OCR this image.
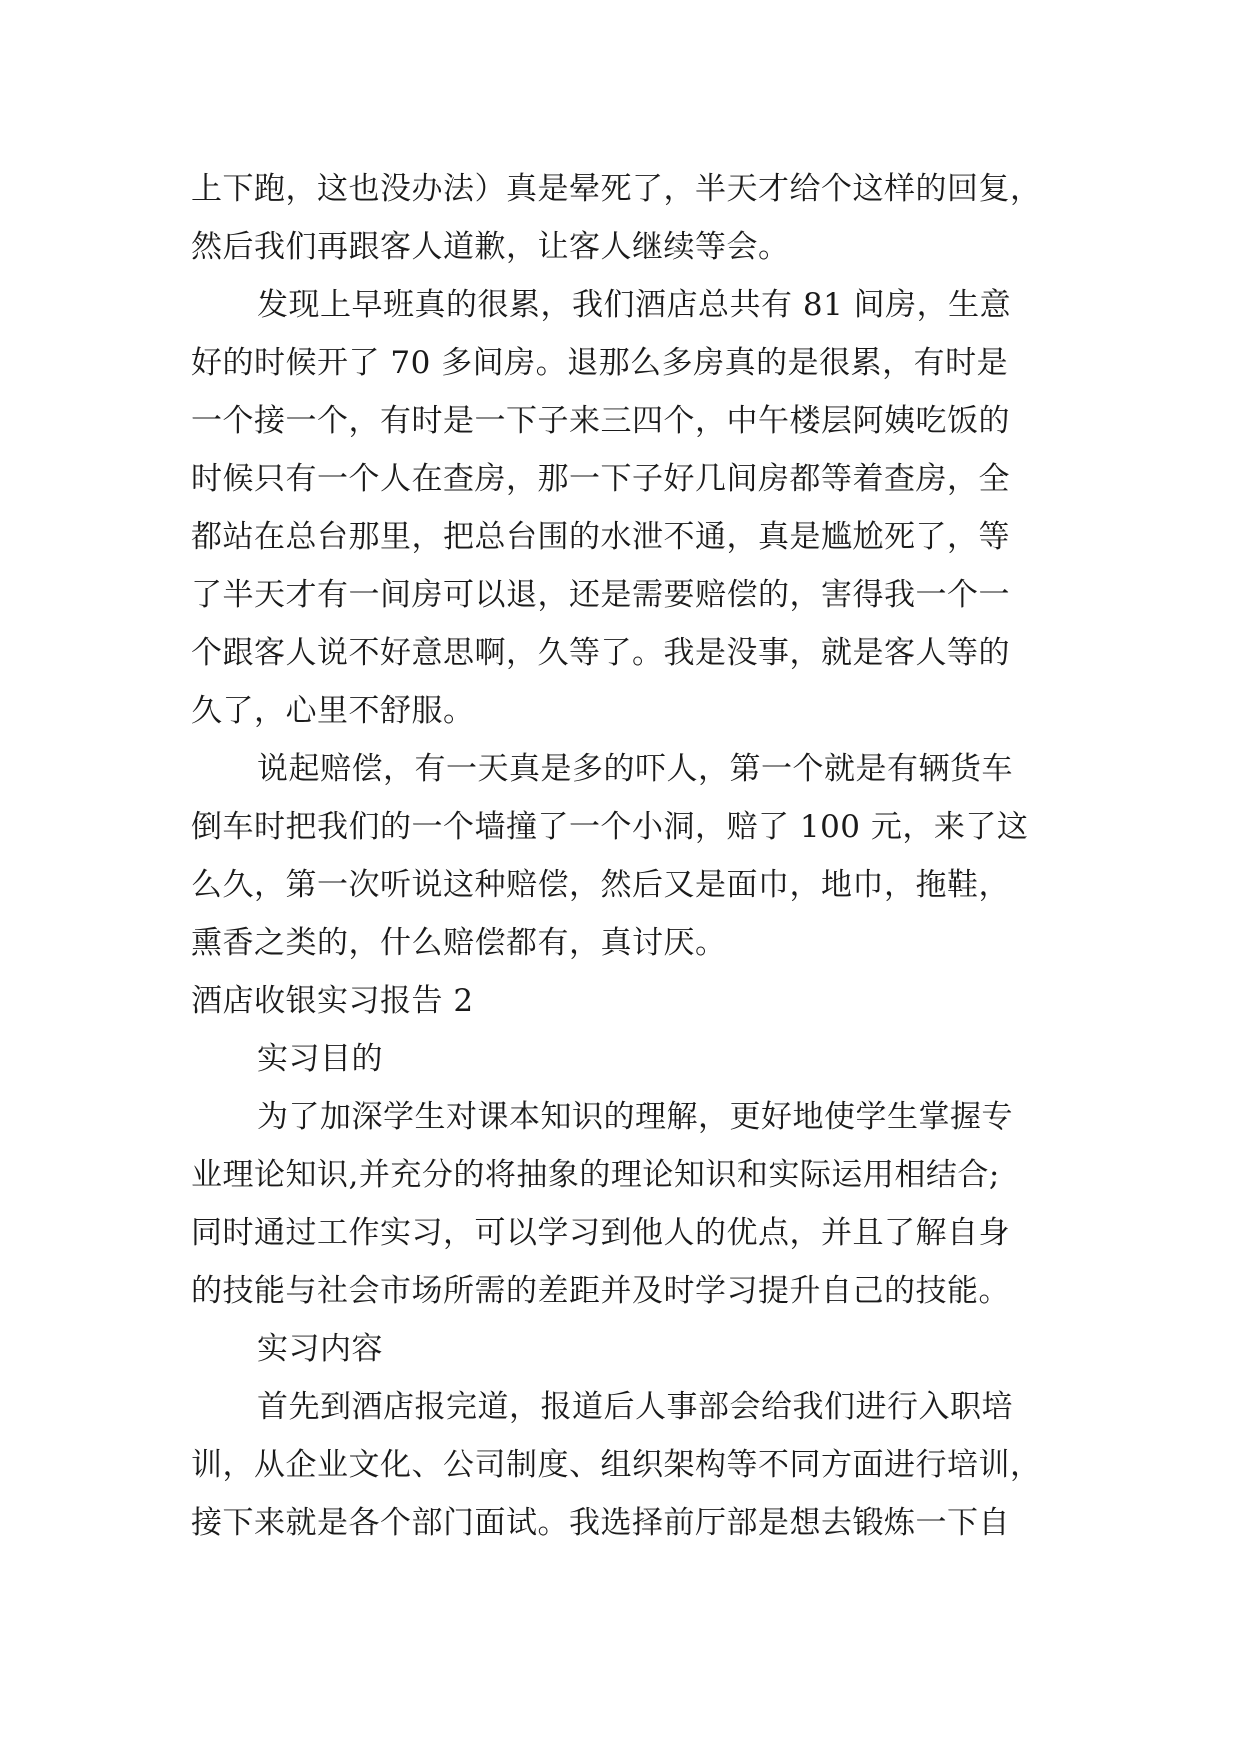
上下跑，这也没办法）真是晕死了，半天才给个这样的回复，
然后我们再跟客人道歉，让客人继续等会。
发现上早班真的很累，我们酒店总共有 81 间房，生意
好的时候开了 70 多间房。退那么多房真的是很累，有时是
一个接一个，有时是一下子来三四个，中午楼层阿姨吃饭的
时候只有一个人在查房，那一下子好几间房都等着查房，全
都站在总台那里，把总台围的水泄不通，真是尴尬死了，等
了半天才有一间房可以退，还是需要赔偿的，害得我一个一
个跟客人说不好意思啊，久等了。我是没事，就是客人等的
久了，心里不舒服。
说起赔偿，有一天真是多的吓人，第一个就是有辆货车
倒车时把我们的一个墙撞了一个小洞，赔了 100 元，来了这
么久，第一次听说这种赔偿，然后又是面巾，地巾，拖鞋，
熏香之类的，什么赔偿都有，真讨厌。
酒店收银实习报告 2
实习目的
为了加深学生对课本知识的理解，更好地使学生掌握专
业理论知识,并充分的将抽象的理论知识和实际运用相结合;
同时通过工作实习，可以学习到他人的优点，并且了解自身
的技能与社会市场所需的差距并及时学习提升自己的技能。
实习内容
首先到酒店报完道，报道后人事部会给我们进行入职培
训，从企业文化、公司制度、组织架构等不同方面进行培训，
接下来就是各个部门面试。我选择前厅部是想去锻炼一下自
